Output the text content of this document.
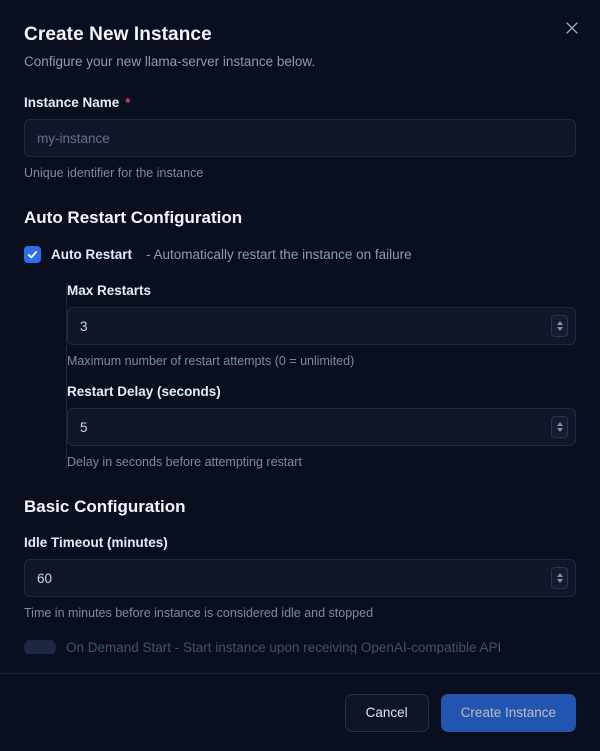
Create New Instance

Configure your new llama-server instance below.

Instance Name *
my-instance
Unique identifier for the instance
Auto Restart Configuration
Auto Restart - Automatically restart the instance on failure
Max Restarts
3
Maximum number of restart attempts (0 = unlimited)
Restart Delay (seconds)
5
Delay in seconds before attempting restart
Basic Configuration
Idle Timeout (minutes)
60
Time in minutes before instance is considered idle and stopped
On Demand Start - Start instance upon receiving OpenAI-compatible API
Cancel	Create Instance
